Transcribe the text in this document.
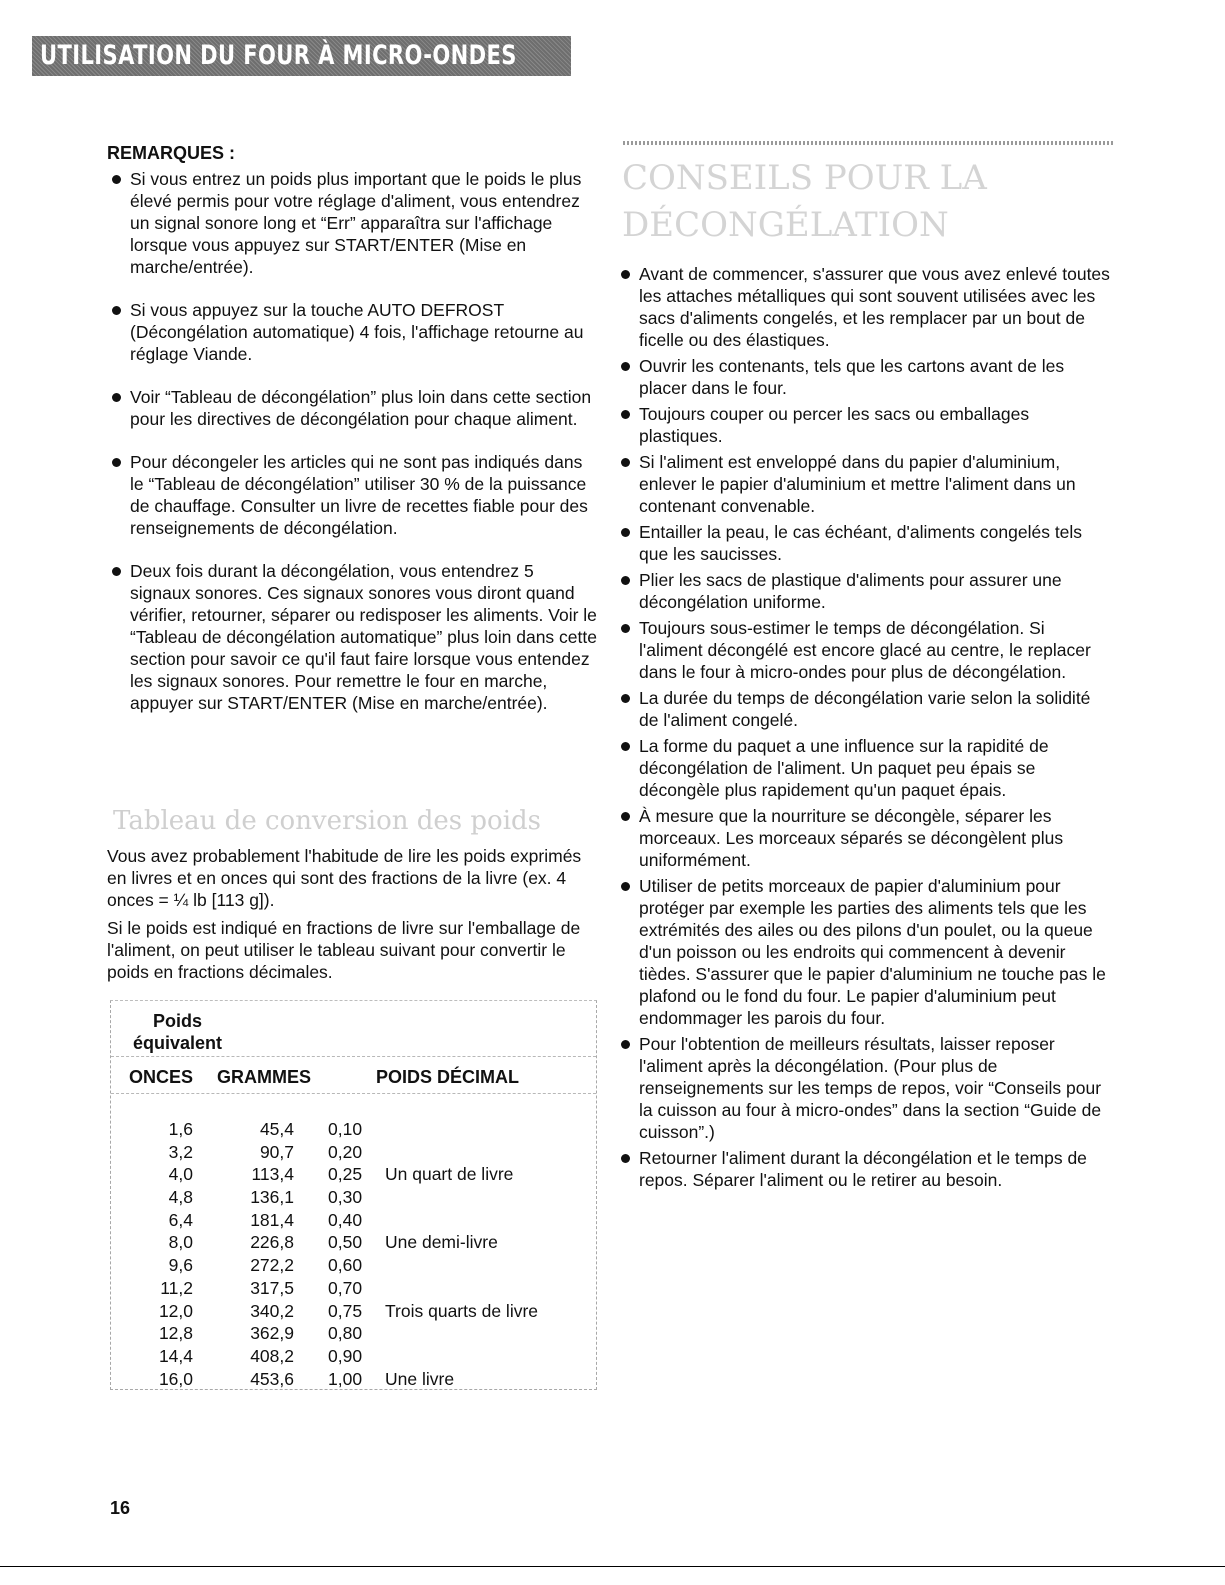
UTILISATION DU FOUR À MICRO-ONDES
REMARQUES :
Si vous entrez un poids plus important que le poids le plus élevé permis pour votre réglage d'aliment, vous entendrez un signal sonore long et “Err” apparaîtra sur l'affichage lorsque vous appuyez sur START/ENTER (Mise en marche/entrée).
Si vous appuyez sur la touche AUTO DEFROST (Décongélation automatique) 4 fois, l'affichage retourne au réglage Viande.
Voir “Tableau de décongélation” plus loin dans cette section pour les directives de décongélation pour chaque aliment.
Pour décongeler les articles qui ne sont pas indiqués dans le “Tableau de décongélation” utiliser 30 % de la puissance de chauffage. Consulter un livre de recettes fiable pour des renseignements de décongélation.
Deux fois durant la décongélation, vous entendrez 5 signaux sonores. Ces signaux sonores vous diront quand vérifier, retourner, séparer ou redisposer les aliments. Voir le “Tableau de décongélation automatique” plus loin dans cette section pour savoir ce qu'il faut faire lorsque vous entendez les signaux sonores. Pour remettre le four en marche, appuyer sur START/ENTER (Mise en marche/entrée).
Tableau de conversion des poids

Vous avez probablement l'habitude de lire les poids exprimés en livres et en onces qui sont des fractions de la livre (ex. 4 onces = ¼ lb [113 g]).

Si le poids est indiqué en fractions de livre sur l'emballage de l'aliment, on peut utiliser le tableau suivant pour convertir le poids en fractions décimales.

Poids
équivalent
ONCES GRAMMES	POIDS DÉCIMAL
1,6	45,4 0,10
3,2	90,7 0,20
4,0	113,4 0,25 Un quart de livre
4,8	136,1 0,30
6,4	181,4 0,40
8,0	226,8 0,50 Une demi-livre
9,6	272,2 0,60
11,2	317,5 0,70
12,0	340,2 0,75 Trois quarts de livre
12,8	362,9 0,80
14,4	408,2 0,90
16,0	453,6 1,00 Une livre
CONSEILS POUR LA
DÉCONGÉLATION
Avant de commencer, s'assurer que vous avez enlevé toutes les attaches métalliques qui sont souvent utilisées avec les sacs d'aliments congelés, et les remplacer par un bout de ficelle ou des élastiques.
Ouvrir les contenants, tels que les cartons avant de les placer dans le four.
Toujours couper ou percer les sacs ou emballages plastiques.
Si l'aliment est enveloppé dans du papier d'aluminium, enlever le papier d'aluminium et mettre l'aliment dans un contenant convenable.
Entailler la peau, le cas échéant, d'aliments congelés tels que les saucisses.
Plier les sacs de plastique d'aliments pour assurer une décongélation uniforme.
Toujours sous-estimer le temps de décongélation. Si l'aliment décongélé est encore glacé au centre, le replacer dans le four à micro-ondes pour plus de décongélation.
La durée du temps de décongélation varie selon la solidité de l'aliment congelé.
La forme du paquet a une influence sur la rapidité de décongélation de l'aliment. Un paquet peu épais se décongèle plus rapidement qu'un paquet épais.
À mesure que la nourriture se décongèle, séparer les morceaux. Les morceaux séparés se décongèlent plus uniformément.
Utiliser de petits morceaux de papier d'aluminium pour protéger par exemple les parties des aliments tels que les extrémités des ailes ou des pilons d'un poulet, ou la queue d'un poisson ou les endroits qui commencent à devenir tièdes. S'assurer que le papier d'aluminium ne touche pas le plafond ou le fond du four. Le papier d'aluminium peut endommager les parois du four.
Pour l'obtention de meilleurs résultats, laisser reposer l'aliment après la décongélation. (Pour plus de renseignements sur les temps de repos, voir “Conseils pour la cuisson au four à micro-ondes” dans la section “Guide de cuisson”.)
Retourner l'aliment durant la décongélation et le temps de repos. Séparer l'aliment ou le retirer au besoin.
16
